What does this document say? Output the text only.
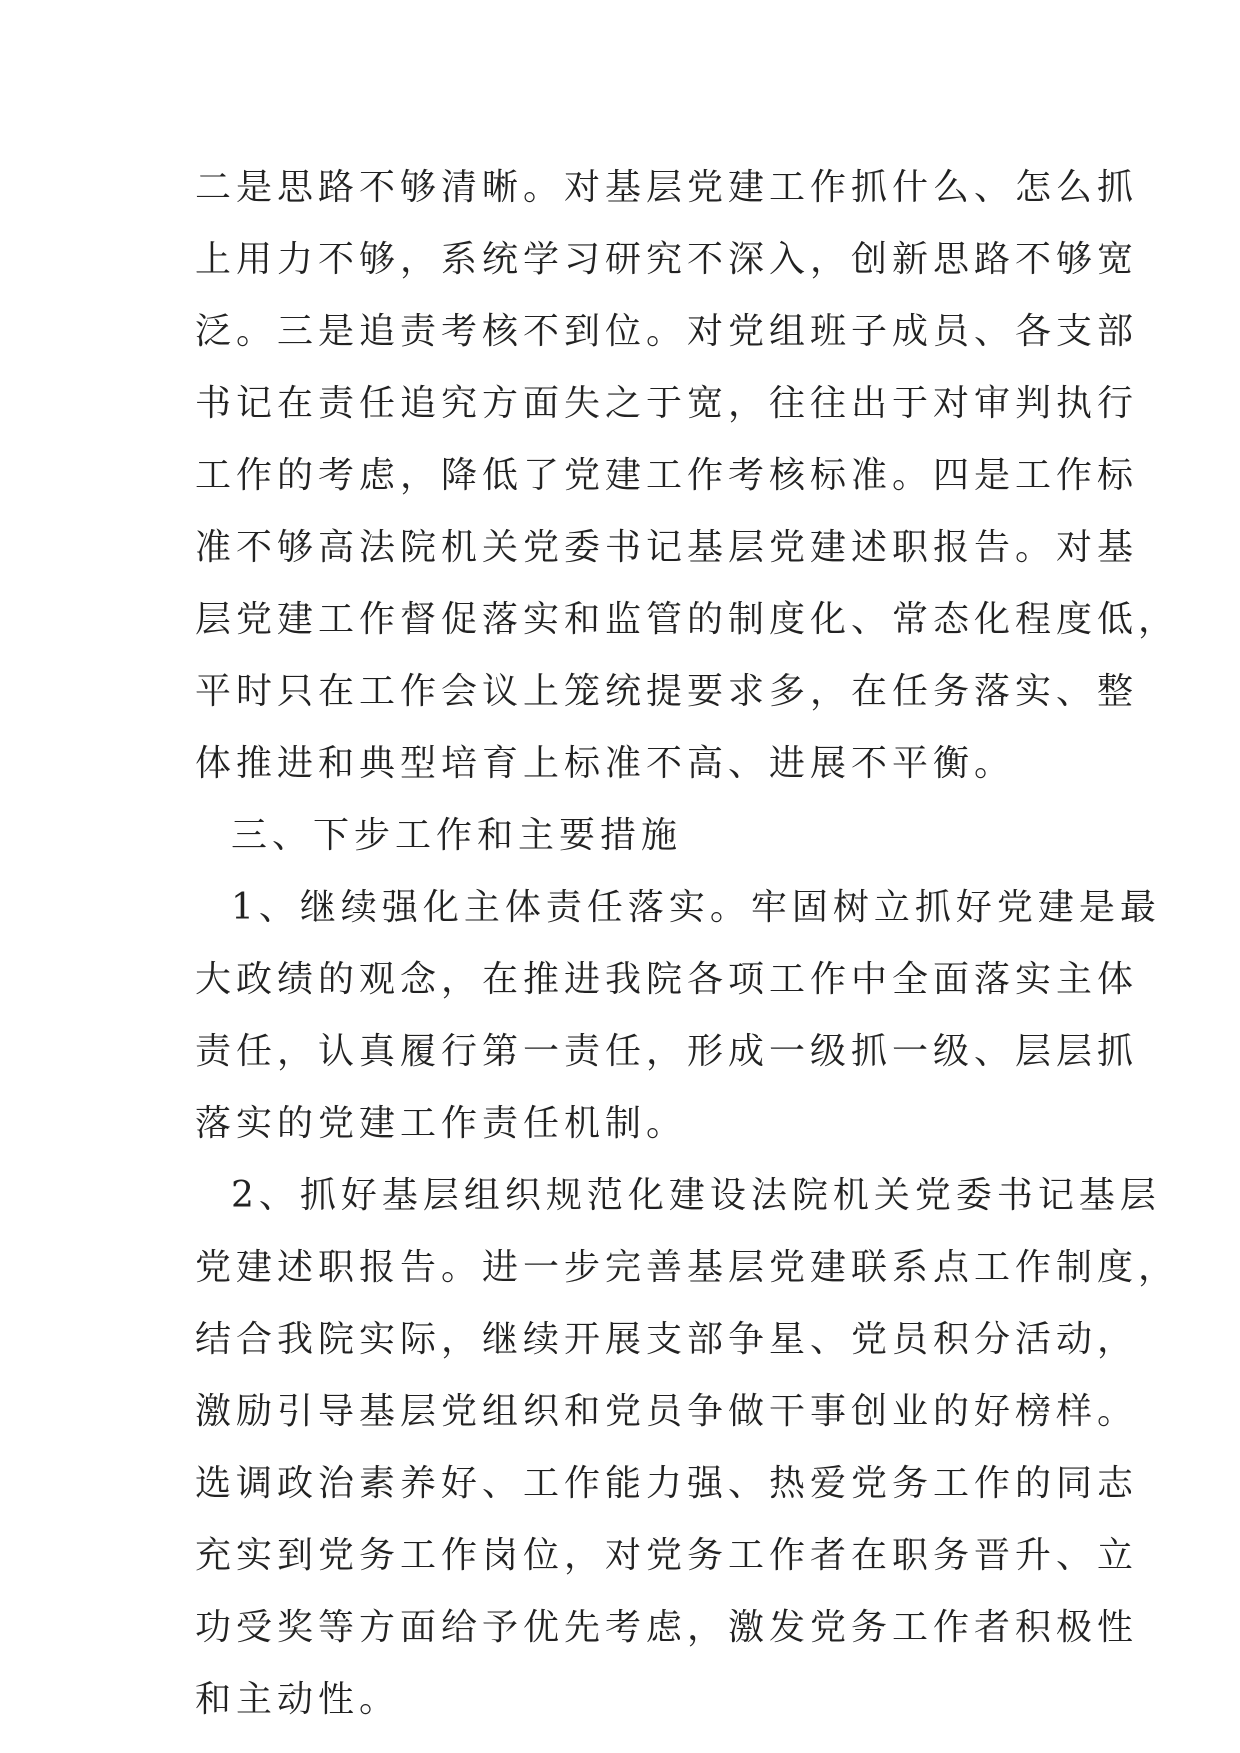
二是思路不够清晰。对基层党建工作抓什么、怎么抓
上用力不够，系统学习研究不深入，创新思路不够宽
泛。三是追责考核不到位。对党组班子成员、各支部
书记在责任追究方面失之于宽，往往出于对审判执行
工作的考虑，降低了党建工作考核标准。四是工作标
准不够高法院机关党委书记基层党建述职报告。对基
层党建工作督促落实和监管的制度化、常态化程度低，
平时只在工作会议上笼统提要求多，在任务落实、整
体推进和典型培育上标准不高、进展不平衡。
三、下步工作和主要措施
1、继续强化主体责任落实。牢固树立抓好党建是最
大政绩的观念，在推进我院各项工作中全面落实主体
责任，认真履行第一责任，形成一级抓一级、层层抓
落实的党建工作责任机制。
2、抓好基层组织规范化建设法院机关党委书记基层
党建述职报告。进一步完善基层党建联系点工作制度，
结合我院实际，继续开展支部争星、党员积分活动，
激励引导基层党组织和党员争做干事创业的好榜样。
选调政治素养好、工作能力强、热爱党务工作的同志
充实到党务工作岗位，对党务工作者在职务晋升、立
功受奖等方面给予优先考虑，激发党务工作者积极性
和主动性。
